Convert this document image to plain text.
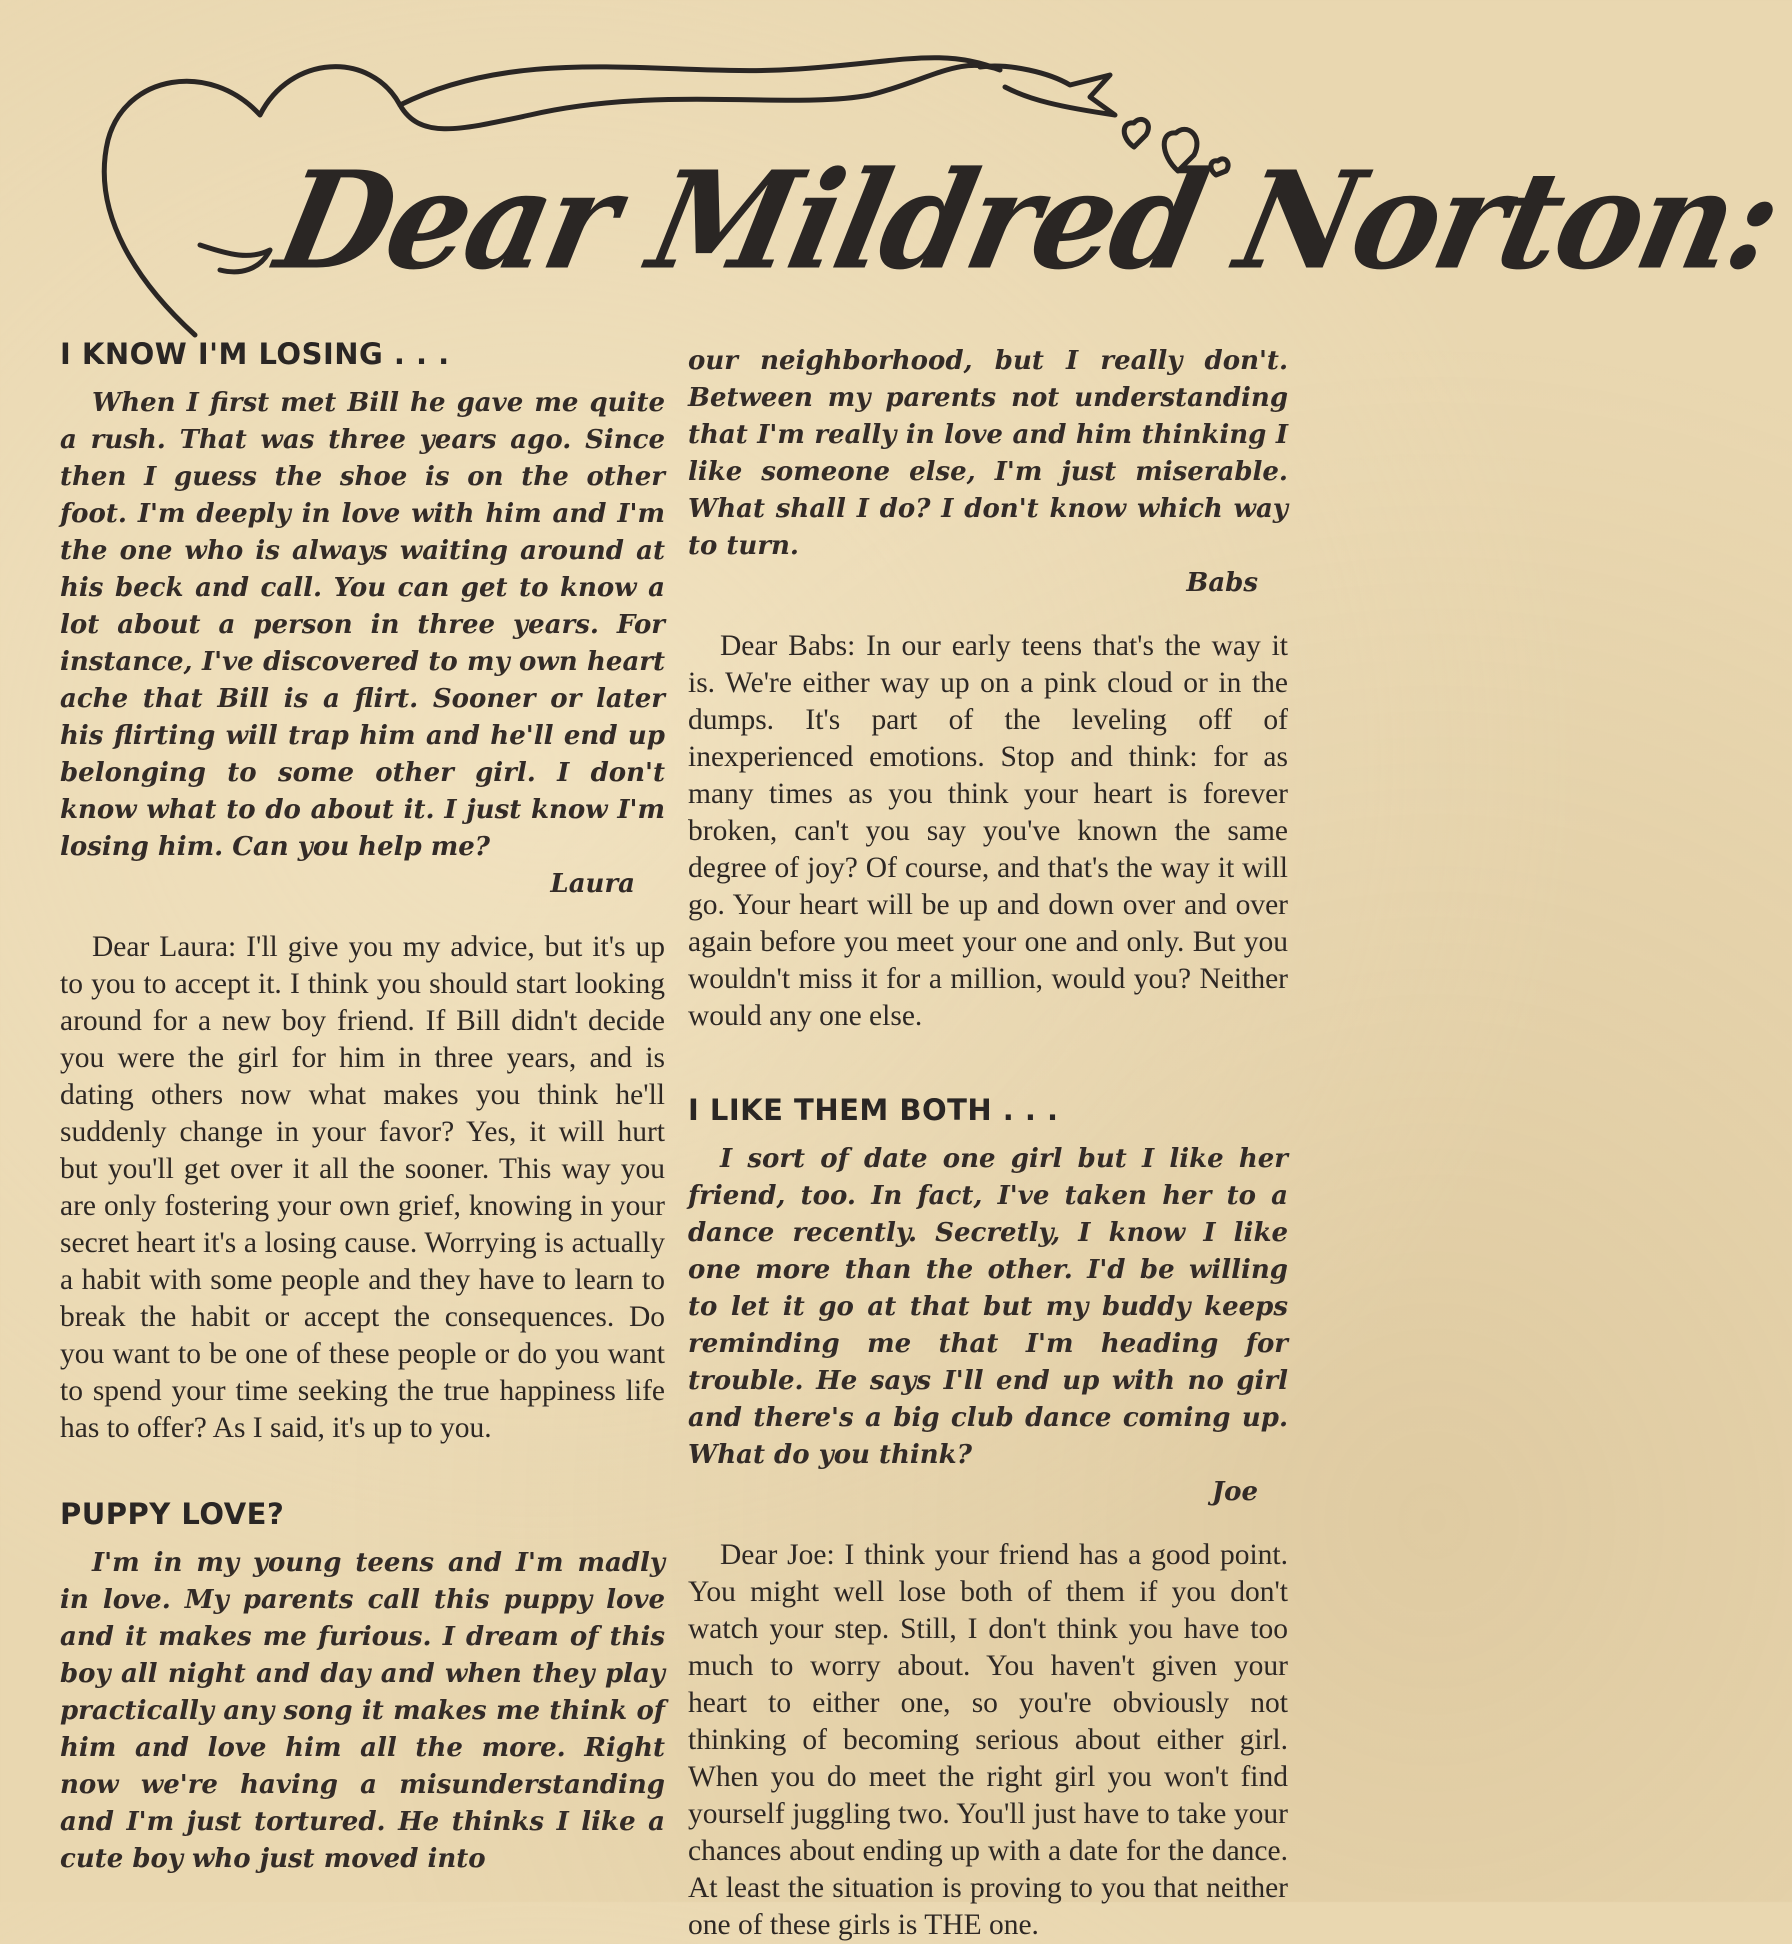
Dear Mildred Norton:
I KNOW I'M LOSING . . .

When I first met Bill he gave me quite a rush. That was three years ago. Since then I guess the shoe is on the other foot. I'm deeply in love with him and I'm the one who is always waiting around at his beck and call. You can get to know a lot about a person in three years. For instance, I've discovered to my own heart ache that Bill is a flirt. Sooner or later his flirting will trap him and he'll end up belonging to some other girl. I don't know what to do about it. I just know I'm losing him. Can you help me?

Laura

Dear Laura: I'll give you my advice, but it's up to you to accept it. I think you should start looking around for a new boy friend. If Bill didn't decide you were the girl for him in three years, and is dating others now what makes you think he'll suddenly change in your favor? Yes, it will hurt but you'll get over it all the sooner. This way you are only fostering your own grief, knowing in your secret heart it's a losing cause. Worrying is actually a habit with some people and they have to learn to break the habit or accept the consequences. Do you want to be one of these people or do you want to spend your time seeking the true happiness life has to offer? As I said, it's up to you.

PUPPY LOVE?

I'm in my young teens and I'm madly in love. My parents call this puppy love and it makes me furious. I dream of this boy all night and day and when they play practically any song it makes me think of him and love him all the more. Right now we're having a misunderstanding and I'm just tortured. He thinks I like a cute boy who just moved into

our neighborhood, but I really don't. Between my parents not understanding that I'm really in love and him thinking I like someone else, I'm just miserable. What shall I do? I don't know which way to turn.

Babs

Dear Babs: In our early teens that's the way it is. We're either way up on a pink cloud or in the dumps. It's part of the leveling off of inexperienced emotions. Stop and think: for as many times as you think your heart is forever broken, can't you say you've known the same degree of joy? Of course, and that's the way it will go. Your heart will be up and down over and over again before you meet your one and only. But you wouldn't miss it for a million, would you? Neither would any one else.

I LIKE THEM BOTH . . .

I sort of date one girl but I like her friend, too. In fact, I've taken her to a dance recently. Secretly, I know I like one more than the other. I'd be willing to let it go at that but my buddy keeps reminding me that I'm heading for trouble. He says I'll end up with no girl and there's a big club dance coming up. What do you think?

Joe

Dear Joe: I think your friend has a good point. You might well lose both of them if you don't watch your step. Still, I don't think you have too much to worry about. You haven't given your heart to either one, so you're obviously not thinking of becoming serious about either girl. When you do meet the right girl you won't find yourself juggling two. You'll just have to take your chances about ending up with a date for the dance. At least the situation is proving to you that neither one of these girls is THE one.
